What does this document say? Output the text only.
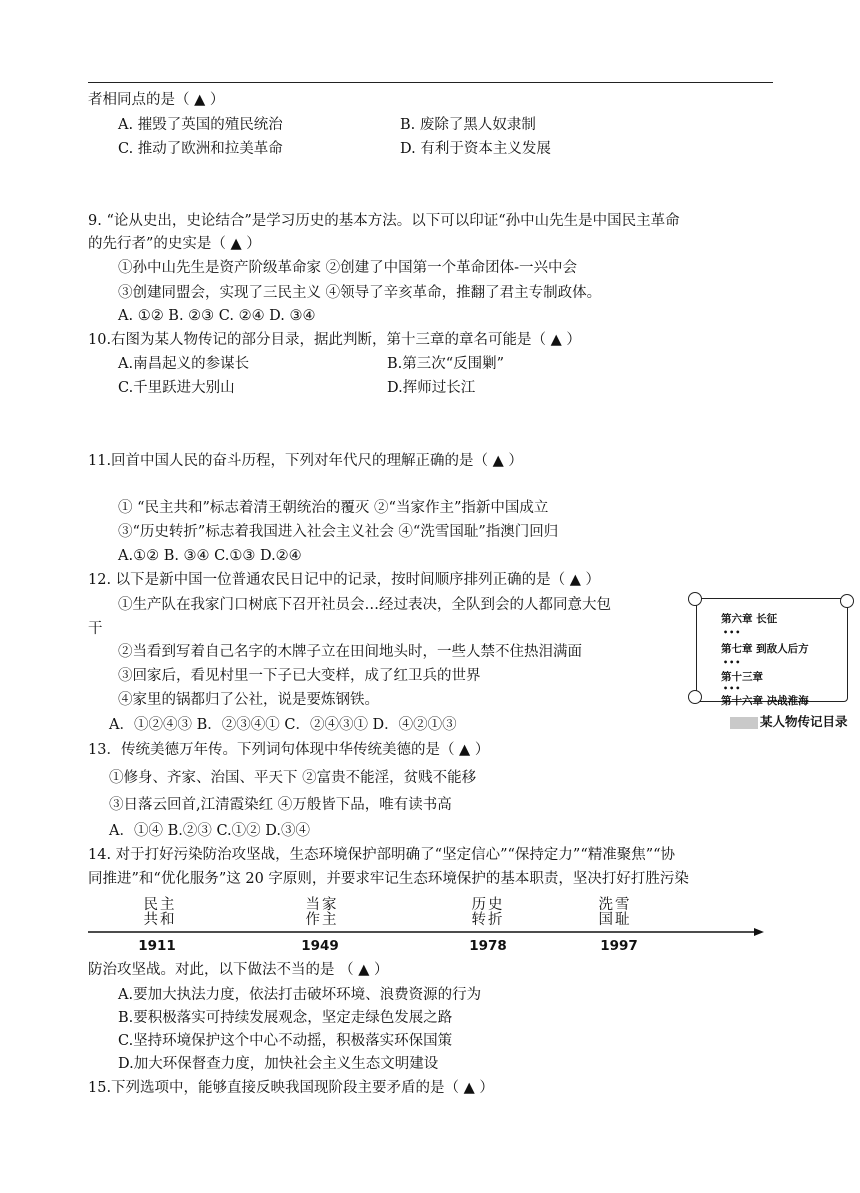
者相同点的是（ ▲ ）
A. 摧毁了英国的殖民统治	B. 废除了黑人奴隶制
C. 推动了欧洲和拉美革命	D. 有利于资本主义发展
9. “论从史出，史论结合”是学习历史的基本方法。以下可以印证“孙中山先生是中国民主革命
的先行者”的史实是（ ▲ ）
①孙中山先生是资产阶级革命家 ②创建了中国第一个革命团体-一兴中会
③创建同盟会，实现了三民主义 ④领导了辛亥革命，推翻了君主专制政体。
A. ①② B. ②③ C. ②④ D. ③④
10.右图为某人物传记的部分目录，据此判断，第十三章的章名可能是（ ▲ ）
A.南昌起义的参谋长	B.第三次“反围剿”
C.千里跃进大别山	D.挥师过长江
11.回首中国人民的奋斗历程，下列对年代尺的理解正确的是（ ▲ ）
① “民主共和”标志着清王朝统治的覆灭 ②“当家作主”指新中国成立
③“历史转折”标志着我国进入社会主义社会 ④“洗雪国耻”指澳门回归
A.①② B. ③④ C.①③ D.②④
12. 以下是新中国一位普通农民日记中的记录，按时间顺序排列正确的是（ ▲ ）
①生产队在我家门口树底下召开社员会…经过表决，全队到会的人都同意大包
干
②当看到写着自己名字的木牌子立在田间地头时，一些人禁不住热泪满面
③回家后，看见村里一下子已大变样，成了红卫兵的世界
④家里的锅都归了公社，说是要炼钢铁。
A．①②④③ B．②③④① C．②④③① D．④②①③
13．传统美德万年传。下列词句体现中华传统美德的是（ ▲ ）
①修身、齐家、治国、平天下 ②富贵不能淫，贫贱不能移
③日落云回首,江清霞染红 ④万般皆下品，唯有读书高
A．①④ B.②③ C.①② D.③④
14. 对于打好污染防治攻坚战，生态环境保护部明确了“坚定信心”“保持定力”“精准聚焦”“协
同推进”和“优化服务”这 20 字原则，并要求牢记生态环境保护的基本职责，坚决打好打胜污染
防治攻坚战。对此，以下做法不当的是 （ ▲ ）
A.要加大执法力度，依法打击破坏环境、浪费资源的行为
B.要积极落实可持续发展观念，坚定走绿色发展之路
C.坚持环境保护这个中心不动摇，积极落实环保国策
D.加大环保督查力度，加快社会主义生态文明建设
15.下列选项中，能够直接反映我国现阶段主要矛盾的是（ ▲ ）
第六章 长征
•••
第七章 到敌人后方
•••
第十三章
•••
第十六章 决战淮海
某人物传记目录
民主
共和
当家
作主
历史
转折
洗雪
国耻
1911	1949	1978	1997
